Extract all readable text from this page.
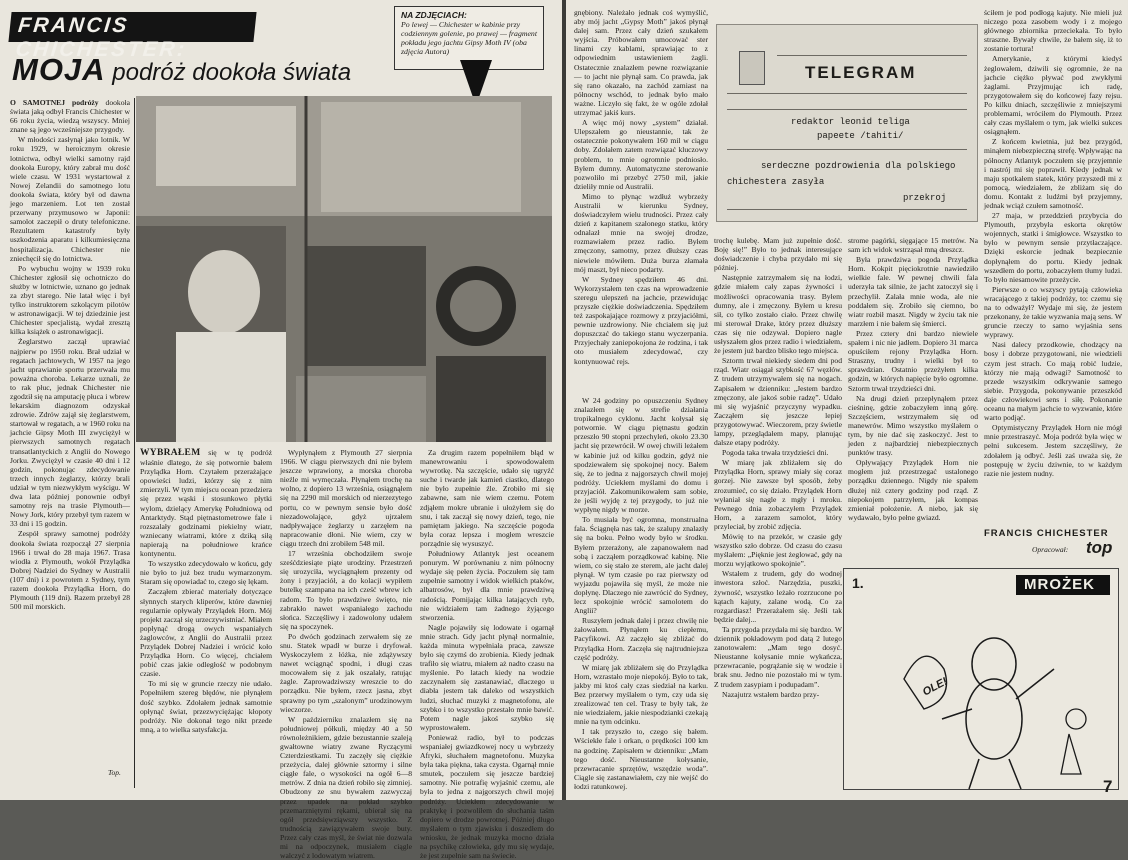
FRANCIS CHICHESTER:
MOJA podróż dookoła świata
NA ZDJĘCIACH:
Po lewej — Chichester w kabinie przy codziennym golenie, po prawej — fragment pokładu jego jachtu Gipsy Moth IV (oba zdjęcia Autora)

O SAMOTNEJ podróży dookoła świata jaką odbył Francis Chichester w 66 roku życia, wiedzą wszyscy. Mniej znane są jego wcześniejsze przygody.

W młodości zasłynął jako lotnik. W roku 1929, w heroicznym okresie lotnictwa, odbył wielki samotny rajd dookoła Europy, który zabrał mu dość wiele czasu. W 1931 wystartował z Nowej Zelandii do samotnego lotu dookoła świata, który był od dawna jego marzeniem. Lot ten został przerwany przymusowo w Japonii: samolot zaczepił o druty telefoniczne. Rezultatem katastrofy były uszkodzenia aparatu i kilkumiesięczna hospitalizacja. Chichester nie zniechęcił się do lotnictwa.

Po wybuchu wojny w 1939 roku Chichester zgłosił się ochotniczo do służby w lotnictwie, uznano go jednak za zbyt starego. Nie latał więc i był tylko instruktorem szkolącym pilotów w astronawigacji. W tej dziedzinie jest Chichester specjalistą, wydał zresztą kilka książek o astronawigacji.

Żeglarstwo zaczął uprawiać najpierw po 1950 roku. Brał udział w regatach jachtowych, W 1957 na jego jacht uprawianie sportu przerwała mu poważna choroba. Lekarze uznali, że to rak płuc, jednak Chichester nie zgodził się na amputację płuca i wbrew lekarskim diagnozom odzyskał zdrowie. Zdrów zajął się żeglarstwem, startował w regatach, a w 1960 roku na jachcie Gipsy Moth III zwyciężył w pierwszych samotnych regatach transatlantyckich z Anglii do Nowego Jorku. Zwyciężył w czasie 40 dni i 12 godzin, pokonując zdecydowanie trzech innych żeglarzy, którzy brali udział w tym niezwykłym wyścigu. W dwa lata później ponownie odbył samotny rejs na trasie Plymouth—Nowy Jork, który przebył tym razem w 33 dni i 15 godzin.

Zespół sprawy samotnej podróży dookoła świata rozpoczął 27 sierpnia 1966 i trwał do 28 maja 1967. Trasa wiodła z Plymouth, wokół Przylądka Dobrej Nadziei do Sydney w Australii (107 dni) i z powrotem z Sydney, tym razem dookoła Przylądka Horn, do Plymouth (119 dni). Razem przebył 28 500 mil morskich.

Top.

WYBRAŁEM się w tę podróż właśnie dlatego, że się potwornie bałem Przylądka Horn. Czytałem przerażające opowieści ludzi, którzy się z nim zmierzyli. W tym miejscu ocean przedziera się przez wąski i stosunkowo płytki wylom, dzielący Amerykę Południową od Antarktydy. Stąd piętnastometrowe fale i rozszalały godzinami piekielny wiatr, wzniecany wiatrami, które z dziką siłą napierają na południowe krańce kontynentu.

To wszystko zdecydowało w końcu, gdy nie było to już bez trudu wymarzonym. Staram się opowiadać to, czego się lękam.

Zacząłem zbierać materiały dotyczące słynnych starych kliperów, które dawniej regularnie opływały Przylądek Horn. Mój projekt zaczął się urzeczywistniać. Miałem popłynąć drogą owych wspaniałych żaglowców, z Anglii do Australii przez Przylądek Dobrej Nadziei i wrócić koło Przylądka Horn. Co więcej, chciałem pobić czas jakie odległość w podobnym czasie.

To mi się w gruncie rzeczy nie udało. Popełniłem szereg błędów, nie płynąłem dość szybko. Zdołałem jednak samotnie opłynąć świat, przezwyciężając kłopoty podróży. Nie dokonał tego nikt przede mną, a to wielka satysfakcja.

Wypłynąłem z Plymouth 27 sierpnia 1966. W ciągu pierwszych dni nie byłem jeszcze wprawiony, a morska choroba nieźle mi wymęczała. Płynąłem trochę na wolno, z dopiero 13 września, osiągnąłem się na 2290 mil morskich od nierzezytego portu, co w pewnym sensie było dość niezadowolające, gdyż ujrzałem nadpływające żeglarzy u zarzęłem na napracowanie dłoni. Nie wiem, czy w ciągu trzech dni zrobiłem 548 mil.

17 września obchodziłem swoje sześćdziesiąte piąte urodziny. Przestrzeń się urozyciła, wyciągnąłem prezenty od żony i przyjaciół, a do kolacji wypiłem butelkę szampana na ich cześć wbrew ich radom. To było prawdziwe święto, nie zabrakło nawet wspaniałego zachodu słońca. Szczęśliwy i zadowolony udałem się na spoczynek.

Po dwóch godzinach zerwałem się ze snu. Statek wpadł w burze i dryfował. Wyskoczyłem z łóżka, nie zdążywszy nawet wciągnąć spodni, i długi czas mocowałem się z jak oszalały, ratując żagle. Zaprowadziwszy wreszcie to do porządku. Nie byłem, rzecz jasna, zbyt sprawny po tym „szalonym” urodzinowym wieczorze.

W październiku znalazłem się na południowej półkuli, między 40 a 50 równoleżnikiem, gdzie bezustannie szaleją gwałtowne wiatry zwane Ryczącymi Czterdziestkami. Tu zaczęły się ciężkie przeżycia, dalej głównie sztormy i silne ciągłe fale, o wysokości na ogół 6—8 metrów. Z dnia na dzień robiło się zimniej. Obudzony ze snu bywałem zazwyczaj przez upadek na pokład szybko przemarzniętymi rękami, ubierał się na ogół przedsięwziąwszy wszystko. Z trudnością zawiązywałem swoje buty. Przez cały czas myśl, że świat nie dozwala mi na odpoczynek, musiałem ciągle walczyć z lodowatym wiatrem.

Za drugim razem popełniłem błąd w manewrowaniu i spowodowałem wywrotkę. Na szczęście, udało się ugryźć suche i twarde jak kamień ciastko, dlatego nie było zupełnie źle. Zrobiło mi się zabawne, sam nie wiem czemu. Potem zdjąłem mokre ubranie i ułożyłem się do snu, i tak zaczął się nowy dzień, tego, nie pamiętam jakiego. Na szczęście pogoda była coraz lepsza i mogłem wreszcie porządnie się wysuszyć.

Południowy Atlantyk jest oceanem ponurym. W porównaniu z nim północny wydaje się pełen życia. Poczułem się tam zupełnie samotny i widok wielkich ptaków, albatrosów, był dla mnie prawdziwą radością. Pomijając kilka latających ryb, nie widziałem tam żadnego żyjącego stworzenia.

Nagle pojawiły się lodowate i ogarnął mnie strach. Gdy jacht płynął normalnie, każda minuta wypełniała praca, zawsze było się czymś do zrobienia. Kiedy jednak trafiło się wiatru, miałem aż nadto czasu na myślenie. Po latach kiedy na wodzie zaczynałem się zastanawiać, dlaczego u diabła jestem tak daleko od wszystkich ludzi, słuchać muzyki z magnetofonu, ale szybko i to wszystko przestało mnie bawić. Potem nagle jakoś szybko się wyprostowałem.

Ponieważ radio, był to podczas wspaniałej gwiazdkowej nocy u wybrzeży Afryki, słuchałem magnetofonu. Muzyka była taka piękna, taka czysta. Ogarnął mnie smutek, poczułem się jeszcze bardziej samotny. Nie potrafię wyjaśnić czemu, ale była to jedna z najgorszych chwil mojej podróży. Uciekłem zdecydowanie w praktykę i pozwoliłem do słuchania taśm dopiero w drodze powrotnej. Później długo myślałem o tym zjawisku i doszedłem do wniosku, że jednak muzyka mocno działa na psychikę człowieka, gdy mu się wydaje, że jest zupełnie sam na świecie.

gnębiony. Należało jednak coś wymyślić, aby mój jacht „Gypsy Moth” jakoś płynął dalej sam. Przez cały dzień szukałem wyjścia. Próbowałem umocować ster linami czy kablami, sprawiając to z odpowiednim ustawieniem żagli. Ostatecznie znalazłem pewne rozwiązanie — to jacht nie płynął sam. Co prawda, jak się rano okazało, na zachód zamiast na północny wschód, to jednak było mało ważne. Liczyło się fakt, że w ogóle zdołał utrzymać jakiś kurs.

A więc mój nowy „system” działał. Ulepszałem go nieustannie, tak że ostatecznie pokonywałem 160 mil w ciągu doby. Zdołałem zatem rozwiązać kluczowy problem, to mnie ogromnie podniosło. Byłem dumny. Automatyczne sterowanie pozwoliło mi przebyć 2750 mil, jakie dzieliły mnie od Australii.

Mimo to płynąc wzdłuż wybrzeży Australii w kierunku Sydney, doświadczyłem wielu trudności. Przez cały dzień z kapitanem szalonego statku, który odnalazł mnie na swojej drodze, rozmawiałem przez radio. Byłem zmęczony, samotny, przez dłuższy czas niewiele mówiłem. Duża burza złamała mój maszt, był nieco podarty.

W Sydney spędziłem 46 dni. Wykorzystałem ten czas na wprowadzenie szeregu ulepszeń na jachcie, przewidując przyszłe ciężkie doświadczenia. Spędziłem też zaspokajające rozmowy z przyjaciółmi, pewnie uzdrowiony. Nie chciałem się już dopuszczać do takiego stanu wyczerpania. Przyjechały zaniepokojona że rodzina, i tak oto musiałem zdecydować, czy kontynuować rejs.

ściłem je pod podłogą kajuty. Nie mieli już niczego poza zasobem wody i z mojego głównego zbiornika przeciekała. To było straszne. Bywały chwile, że bałem się, iż to zostanie tortura!

Amerykanie, z którymi kiedyś żeglowałem, dziwili się ogromnie, że na jachcie ciężko pływać pod zwykłymi żaglami. Przyjmując ich radę, przygotowałem się do końcowej fazy rejsu. Po kilku dniach, szczęśliwie z mniejszymi problemami, wróciłem do Plymouth. Przez cały czas myślałem o tym, jak wielki sukces osiągnąłem.

Z końcem kwietnia, już bez przygód, minąłem niebezpieczną strefę. Wpływając na północny Atlantyk poczułem się przyjemnie i nastrój mi się poprawił. Kiedy jednak w maju spotkałem statek, który przyszedł mi z pomocą, wiedziałem, że zbliżam się do domu. Kontakt z ludźmi był przyjemny, jednak wciąż czułem samotność.

27 maja, w przeddzień przybycia do Plymouth, przybyła eskorta okrętów wojennych, statki i śmigłowce. Wszystko to było w pewnym sensie przytłaczające. Dzięki eskorcie jednak bezpiecznie dopłynąłem do portu. Kiedy jednak wszedłem do portu, zobaczyłem tłumy ludzi. To było niesamowite przeżycie.

Pierwsze o co wszyscy pytają człowieka wracającego z takiej podróży, to: czemu się na to odważył? Wydaje mi się, że jestem przekonany, że takie wyzwania mają sens. W gruncie rzeczy to samo wyjaśnia sens wyprawy.

Nasi dalecy przodkowie, chodzący na bosy i dobrze przygotowani, nie wiedzieli czym jest strach. Co mają robić ludzie, którzy nie mają odwagi? Samotność to przede wszystkim odkrywanie samego siebie. Przygoda, pokonywanie przeszkód daje człowiekowi sens i siłę. Pokonanie oceanu na małym jachcie to wyzwanie, które warto podjąć.

Optymistyczny Przylądek Horn nie mógł mnie przestraszyć. Moja podróż była więc w pełni sukcesem. Jestem szczęśliwy, że zdołałem ją odbyć. Jeśli zaś uważa się, że postępuję w życiu dziwnie, to w każdym razie nie jestem nudny.

FRANCIS CHICHESTER
Opracował: top

trochę kulebę. Mam już zupełnie dość. Boję się!” Było to jednak interesujące doświadczenie i chyba przydało mi się później.

Następnie zatrzymałem się na łodzi, gdzie miałem cały zapas żywności i możliwości opracowania trasy. Byłem dumny, ale i zmęczony. Byłem u kresu sił, co tylko zostało ciało. Przez chwilę mi sterował Drake, który przez dłuższy czas się nie odzywał. Dopiero nagle usłyszałem głos przez radio i wiedziałem, że jestem już bardzo blisko tego miejsca.

Sztorm trwał niekiedy siedem dni pod rząd. Wiatr osiągał szybkość 67 węzłów. Z trudem utrzymywałem się na nogach. Zapisałem w dzienniku: „Jestem bardzo zmęczony, ale jakoś sobie radzę”. Udało mi się wyjaśnić przyczyny wypadku. Zacząłem się jeszcze lepiej przygotowywać. Wieczorem, przy świetle lampy, przeglądałem mapy, planując dalsze etapy podróży.

Pogoda taka trwała trzydzieści dni.

W miarę jak zbliżałem się do Przylądka Horn, sprawy miały się coraz gorzej. Nie zawsze był sposób, żeby zrozumieć, co się działo. Przylądek Horn wyłaniał się nagle z mgły i mroku. Pewnego dnia zobaczyłem Przylądek Horn, a zarazem samolot, który przyleciał, by zrobić zdjęcia.

Mówię to na przekór, w czasie gdy wszystko szło dobrze. Od czasu do czasu myślałem: „Pięknie jest żeglować, gdy na morzu wyjątkowo spokojnie”.

Wstałem z trudem, gdy do wodnej inwestora szłoć. Narzędzia, puszki, żywność, wszystko leżało rozrzucone po kątach kajuty, zalane wodą. Co za rozgardiasz! Przerażałem się. Jeśli tak będzie dalej...

Ta przygoda przydała mi się bardzo. W dziennik pokładowym pod datą 2 lutego zanotowałem: „Mam tego dosyć. Nieustanne kołysanie mnie wykańcza, przewracanie, pogrążanie się w wodzie i brak snu. Jedno nie pozostało mi w tym. Z trudem zasypiam i podupadam”.

Nazajutrz wstałem bardzo przy-

W 24 godziny po opuszczeniu Sydney znalazłem się w strefie działania tropikalnego cyklonu. Jacht kołysał się potwornie. W ciągu piętnastu godzin przeszło 90 stopni przechyleń, około 23.30 jacht się przewrócił. W owej chwili leżałem w kabinie już od kilku godzin, gdyż nie spodziewałem się spokojnej nocy. Bałem się, że to jedna z najgorszych chwil mojej podróży. Uciekłem myślami do domu i przyjaciół. Zakomunikowałem sam sobie, że jeśli wyjdę z tej przygody, to już nie wypłynę nigdy w morze.

To musiała być ogromna, monstrualna fala. Ściągnęła nas tak, że szalupy znalazły się na boku. Pełno wody było w środku. Byłem przerażony, ale zapanowałem nad sobą i zacząłem porządkować kabinę. Nie wiem, co się stało ze sterem, ale jacht dalej płynął. W tym czasie po raz pierwszy od wyjazdu pojawiła się myśl, że może nie dopłynę. Dlaczego nie zawrócić do Sydney, lecz spokojnie wrócić samolotem do Anglii?

Ruszyłem jednak dalej i przez chwilę nie żałowałem. Płynąłem ku ciepłemu, Pacyfikowi. Aż zaczęło się zbliżać do Przylądka Horn. Zaczęła się najtrudniejsza część podróży.

W miarę jak zbliżałem się do Przylądka Horn, wzrastało moje niepokój. Było to tak, jakby mi ktoś cały czas siedział na karku. Bez przerwy myślałem o tym, czy uda się zrealizować ten cel. Trasy te były tak, że nie wiedziałem, jakie niespodzianki czekają mnie na tym odcinku.

I tak przyszło to, czego się bałem. Wściekłe fale i orkan, o prędkości 100 km na godzinę. Zapisałem w dzienniku: „Mam tego dość. Nieustanne kołysanie, przewracanie sprzętów, wszędzie woda”. Ciągle się zastanawiałem, czy nie wejść do łodzi ratunkowej.

strome pagórki, sięgające 15 metrów. Na sam ich widok wstrząsał mną dreszcz.

Była prawdziwa pogoda Przylądka Horn. Kokpit pięciokrotnie nawiedziło wielkie fale. W pewnej chwili fala uderzyła tak silnie, że jacht zatoczył się i przechylił. Zalała mnie woda, ale nie poddałem się. Zrobiło się ciemno, bo wiatr rozbił maszt. Nigdy w życiu tak nie marzłem i nie bałem się śmierci.

Przez cztery dni bardzo niewiele spałem i nic nie jadłem. Dopiero 31 marca opuściłem rejony Przylądka Horn. Straszny, trudny i wielki był to sprawdzian. Ostatnio przeżyłem kilka godzin, w których napięcie było ogromne. Sztorm trwał trzydzieści dni.

Na drugi dzień przepłynąłem przez cieśninę, gdzie zobaczyłem inną górę. Szczęściem, wstrzymałem się od manewrów. Mimo wszystko myślałem o tym, by nie dać się zaskoczyć. Jest to jeden z najbardziej niebezpiecznych punktów trasy.

Opływający Przylądek Horn nie mogłem już przestrzegać ustalonego porządku dziennego. Nigdy nie spałem dłużej niż cztery godziny pod rząd. Z niepokojem patrzyłem, jak kompas zmieniał położenie. A niebo, jak się wydawało, było pełne gwiazd.

TELEGRAM
redaktor leonid teliga
papeete /tahiti/
serdeczne pozdrowienia dla polskiego
chichestera zasyła
przekroj
1.	MROŻEK
OLE!
7
